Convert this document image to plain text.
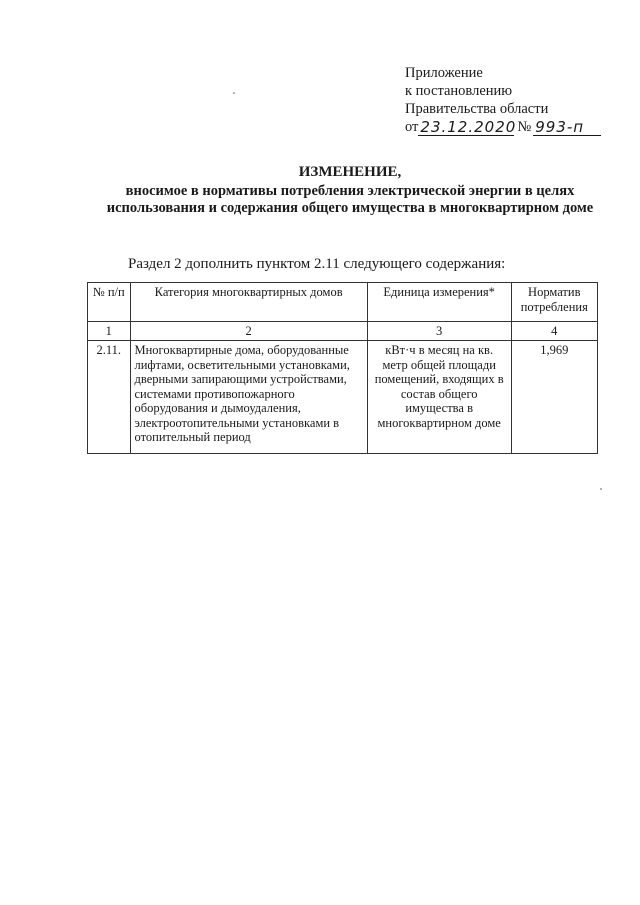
Приложение
к постановлению
Правительства области
от 23.12.2020 № 993-п
ИЗМЕНЕНИЕ,
вносимое в нормативы потребления электрической энергии в целях использования и содержания общего имущества в многоквартирном доме
Раздел 2 дополнить пунктом 2.11 следующего содержания:
№ п/п	Категория многоквартирных домов	Единица измерения*	Норматив потребления
1	2	3	4
2.11.	Многоквартирные дома, оборудованные лифтами, осветительными установками, дверными запирающими устройствами, системами противопожарного оборудования и дымоудаления, электроотопительными установками в отопительный период	кВт·ч в месяц на кв. метр общей площади помещений, входящих в состав общего имущества в многоквартирном доме	1,969
